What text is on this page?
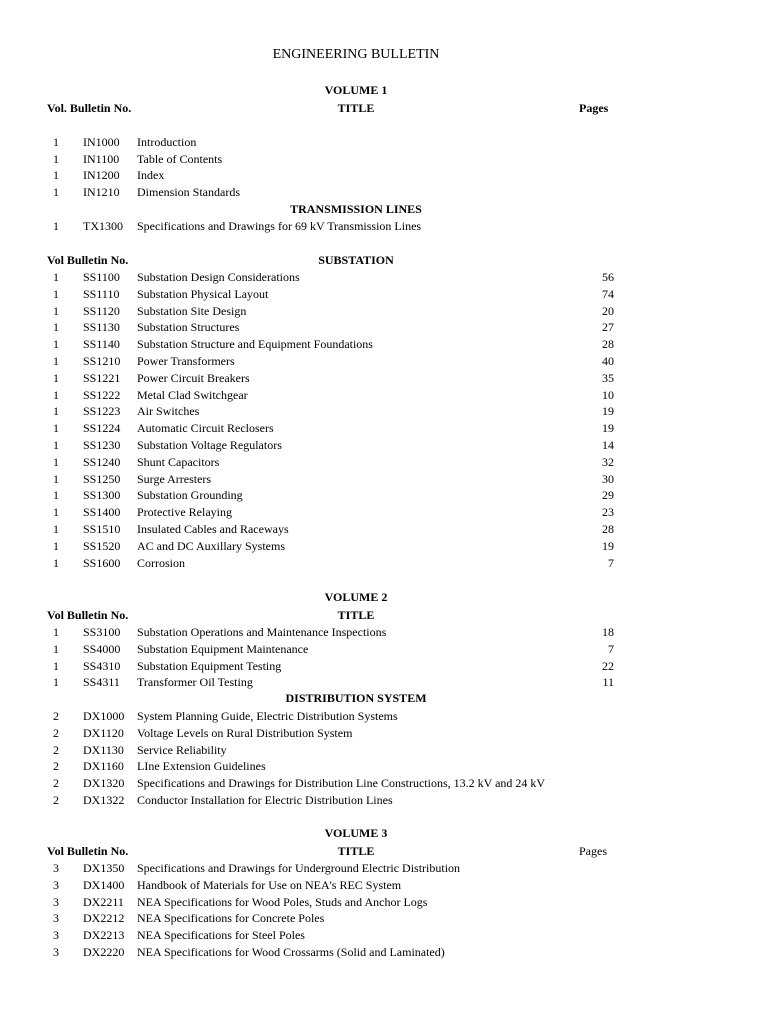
ENGINEERING BULLETIN
VOLUME 1
Vol. Bulletin No.	TITLE	Pages
1 IN1000 Introduction
1 IN1100 Table of Contents
1 IN1200 Index
1 IN1210 Dimension Standards
TRANSMISSION LINES
1 TX1300 Specifications and Drawings for 69 kV Transmission Lines
Vol Bulletin No.	SUBSTATION
1 SS1100 Substation Design Considerations	56
1 SS1110 Substation Physical Layout	74
1 SS1120 Substation Site Design	20
1 SS1130 Substation Structures	27
1 SS1140 Substation Structure and Equipment Foundations	28
1 SS1210 Power Transformers	40
1 SS1221 Power Circuit Breakers	35
1 SS1222 Metal Clad Switchgear	10
1 SS1223 Air Switches	19
1 SS1224 Automatic Circuit Reclosers	19
1 SS1230 Substation Voltage Regulators	14
1 SS1240 Shunt Capacitors	32
1 SS1250 Surge Arresters	30
1 SS1300 Substation Grounding	29
1 SS1400 Protective Relaying	23
1 SS1510 Insulated Cables and Raceways	28
1 SS1520 AC and DC Auxillary Systems	19
1 SS1600 Corrosion	7
VOLUME 2
Vol Bulletin No.	TITLE
1 SS3100 Substation Operations and Maintenance Inspections	18
1 SS4000 Substation Equipment Maintenance	7
1 SS4310 Substation Equipment Testing	22
1 SS4311 Transformer Oil Testing	11
DISTRIBUTION SYSTEM
2 DX1000 System Planning Guide, Electric Distribution Systems
2 DX1120 Voltage Levels on Rural Distribution System
2 DX1130 Service Reliability
2 DX1160 LIne Extension Guidelines
2 DX1320 Specifications and Drawings for Distribution Line Constructions, 13.2 kV and 24 kV
2 DX1322 Conductor Installation for Electric Distribution Lines
VOLUME 3
Vol Bulletin No.	TITLE	Pages
3 DX1350 Specifications and Drawings for Underground Electric Distribution
3 DX1400 Handbook of Materials for Use on NEA's REC System
3 DX2211 NEA Specifications for Wood Poles, Studs and Anchor Logs
3 DX2212 NEA Specifications for Concrete Poles
3 DX2213 NEA Specifications for Steel Poles
3 DX2220 NEA Specifications for Wood Crossarms (Solid and Laminated)
